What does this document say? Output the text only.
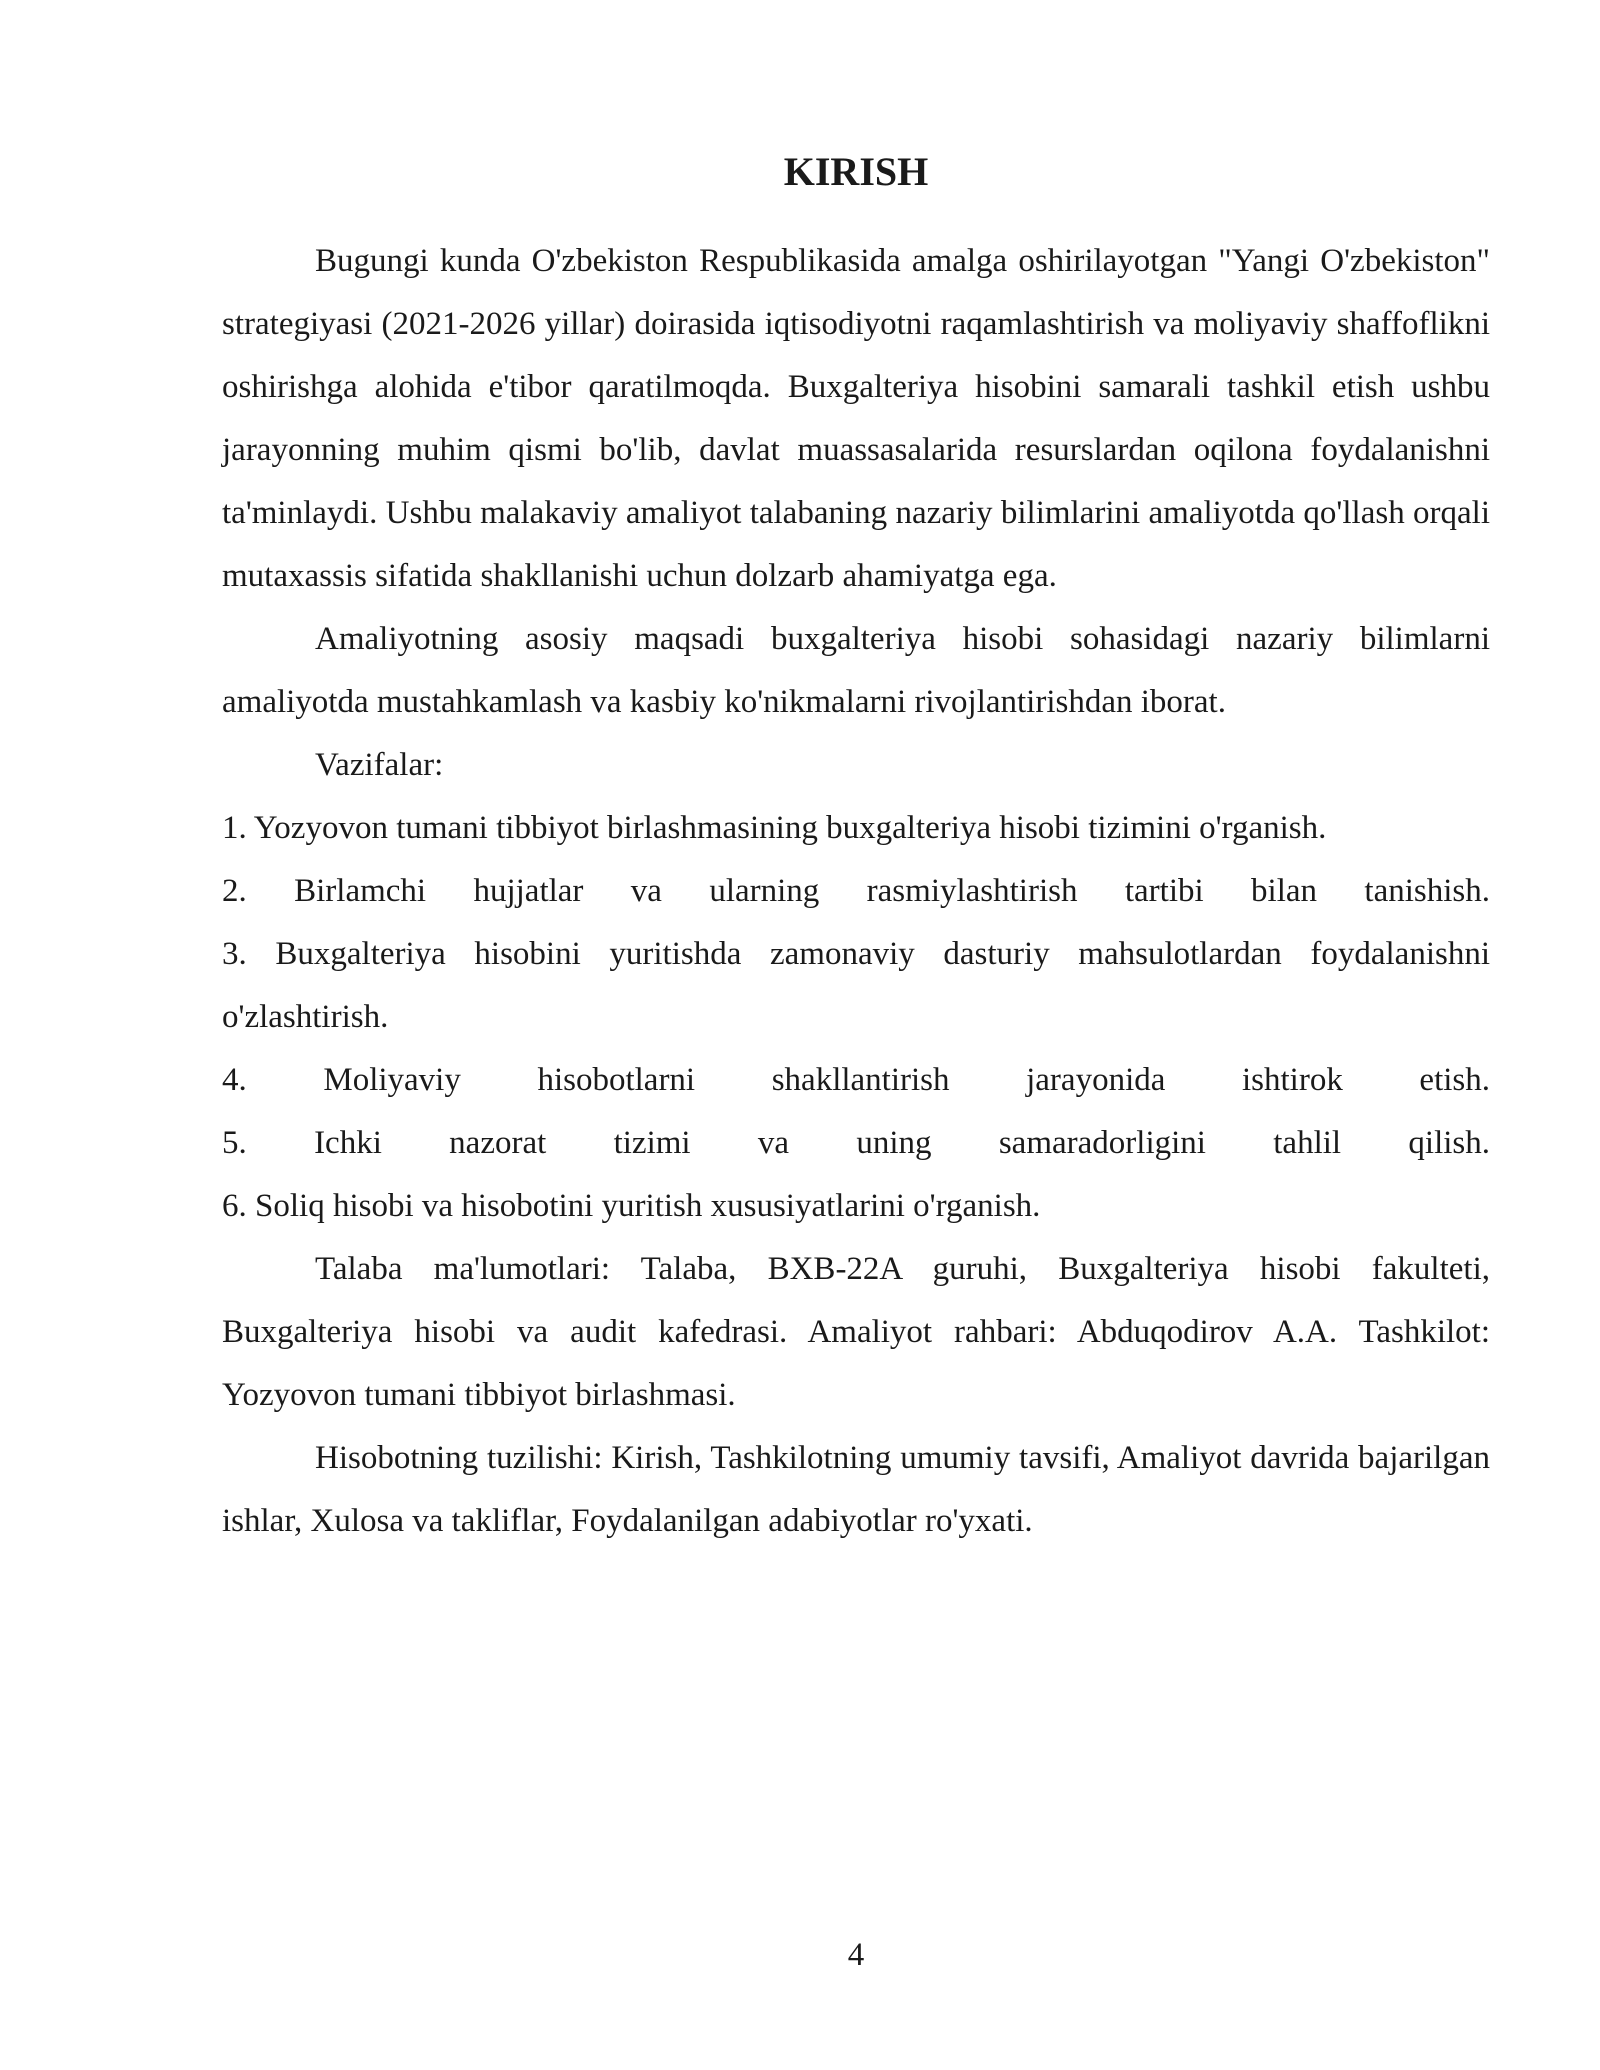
KIRISH

Bugungi kunda O'zbekiston Respublikasida amalga oshirilayotgan "Yangi O'zbekiston" strategiyasi (2021-2026 yillar) doirasida iqtisodiyotni raqamlashtirish va moliyaviy shaffoflikni oshirishga alohida e'tibor qaratilmoqda. Buxgalteriya hisobini samarali tashkil etish ushbu jarayonning muhim qismi bo'lib, davlat muassasalarida resurslardan oqilona foydalanishni ta'minlaydi. Ushbu malakaviy amaliyot talabaning nazariy bilimlarini amaliyotda qo'llash orqali mutaxassis sifatida shakllanishi uchun dolzarb ahamiyatga ega.

Amaliyotning asosiy maqsadi buxgalteriya hisobi sohasidagi nazariy bilimlarni amaliyotda mustahkamlash va kasbiy ko'nikmalarni rivojlantirishdan iborat.

Vazifalar:

1. Yozyovon tumani tibbiyot birlashmasining buxgalteriya hisobi tizimini o'rganish.

2. Birlamchi hujjatlar va ularning rasmiylashtirish tartibi bilan tanishish.

3. Buxgalteriya hisobini yuritishda zamonaviy dasturiy mahsulotlardan foydalanishni o'zlashtirish.

4. Moliyaviy hisobotlarni shakllantirish jarayonida ishtirok etish.

5. Ichki nazorat tizimi va uning samaradorligini tahlil qilish.

6. Soliq hisobi va hisobotini yuritish xususiyatlarini o'rganish.

Talaba ma'lumotlari: Talaba, BXB-22A guruhi, Buxgalteriya hisobi fakulteti, Buxgalteriya hisobi va audit kafedrasi. Amaliyot rahbari: Abduqodirov A.A. Tashkilot: Yozyovon tumani tibbiyot birlashmasi.

Hisobotning tuzilishi: Kirish, Tashkilotning umumiy tavsifi, Amaliyot davrida bajarilgan ishlar, Xulosa va takliflar, Foydalanilgan adabiyotlar ro'yxati.

4
